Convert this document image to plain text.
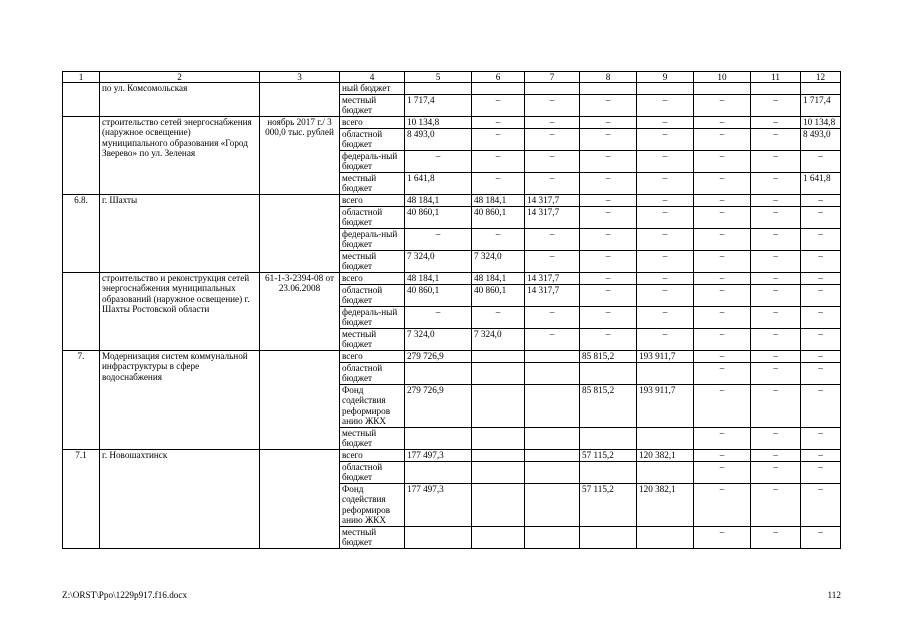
1	2	3	4	5	6	7	8	9	10	11	12
	по ул. Комсомольская		ный бюджет								
			местный бюджет	1 717,4	–	–	–	–	–	–	1 717,4
	строительство сетей энергоснабжения (наружное освещение) муниципального образования «Город Зверево» по ул. Зеленая	ноябрь 2017 г./ 3 000,0 тыс. рублей	всего	10 134,8	–	–	–	–	–	–	10 134,8
			областной бюджет	8 493,0	–	–	–	–	–	–	8 493,0
			федераль-ный бюджет	–	–	–	–	–	–	–	–
			местный бюджет	1 641,8	–	–	–	–	–	–	1 641,8
6.8.	г. Шахты		всего	48 184,1	48 184,1	14 317,7	–	–	–	–	–
			областной бюджет	40 860,1	40 860,1	14 317,7	–	–	–	–	–
			федераль-ный бюджет	–	–	–	–	–	–	–	–
			местный бюджет	7 324,0	7 324,0	–	–	–	–	–	–
	строительство и реконструкция сетей энергоснабжения муниципальных образований (наружное освещение) г. Шахты Ростовской области	61-1-3-2394-08 от 23.06.2008	всего	48 184,1	48 184,1	14 317,7	–	–	–	–	–
			областной бюджет	40 860,1	40 860,1	14 317,7	–	–	–	–	–
			федераль-ный бюджет	–	–	–	–	–	–	–	–
			местный бюджет	7 324,0	7 324,0	–	–	–	–	–	–
7.	Модернизация систем коммунальной инфраструктуры в сфере водоснабжения		всего	279 726,9			85 815,2	193 911,7	–	–	–
			областной бюджет						–	–	–
			Фонд содействия реформиров анию ЖКХ	279 726,9			85 815,2	193 911,7	–	–	–
			местный бюджет						–	–	–
7.1	г. Новошахтинск		всего	177 497,3			57 115,2	120 382,1	–	–	–
			областной бюджет						–	–	–
			Фонд содействия реформиров анию ЖКХ	177 497,3			57 115,2	120 382,1	–	–	–
			местный бюджет						–	–	–
Z:\ORST\Ppo\1229p917.f16.docx	112
